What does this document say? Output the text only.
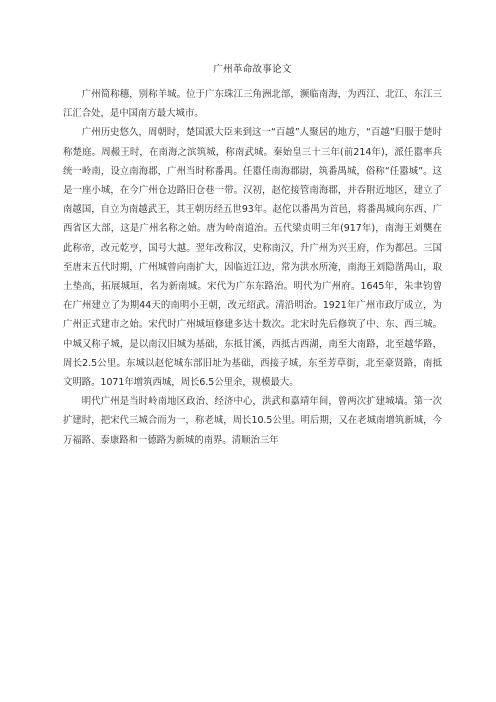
广州革命故事论文

广州简称穗，别称羊城。位于广东珠江三角洲北部，濒临南海，为西江、北江、东江三江汇合处，是中国南方最大城市。

广州历史悠久，周朝时，楚国派大臣来到这一“百越”人聚居的地方，“百越”归服于楚时称楚庭。周赧王时，在南海之滨筑城，称南武城。秦始皇三十三年(前214年)，派任嚣率兵统一岭南，设立南海郡，广州当时称番禺。任嚣任南海郡尉，筑番禺城，俗称“任嚣城”。这是一座小城，在今广州仓边路旧仓巷一带。汉初，赵佗接管南海郡，并吞附近地区，建立了南越国，自立为南越武王，其王朝历经五世93年。赵佗以番禺为首邑，将番禺城向东西、广西省区大部，这是广州名称之始。唐为岭南道治。五代梁贞明三年(917年)，南海王刘龑在此称帝，改元乾亨，国号大越。翌年改称汉，史称南汉，升广州为兴王府，作为都邑。三国至唐末五代时期，广州城曾向南扩大，因临近江边，常为洪水所淹，南海王刘隐凿禺山，取土垫高，拓展城垣，名为新南城。宋代为广东东路治。明代为广州府。1645年，朱聿钧曾在广州建立了为期44天的南明小王朝，改元绍武。清沿明治。1921年广州市政厅成立，为广州正式建市之始。宋代时广州城垣修建多达十数次。北宋时先后修筑了中、东、西三城。中城又称子城，是以南汉旧城为基础，东抵甘溪，西抵古西湖，南至大南路，北至越华路，周长2.5公里。东城以赵佗城东部旧址为基础，西接子城，东至芳草街，北至豪贤路，南抵文明路。1071年增筑西城，周长6.5公里余，规模最大。

明代广州是当时岭南地区政治、经济中心，洪武和嘉靖年间，曾两次扩建城墙。第一次扩建时，把宋代三城合而为一，称老城，周长10.5公里。明后期，又在老城南增筑新城，今万福路、泰康路和一德路为新城的南界。清顺治三年
